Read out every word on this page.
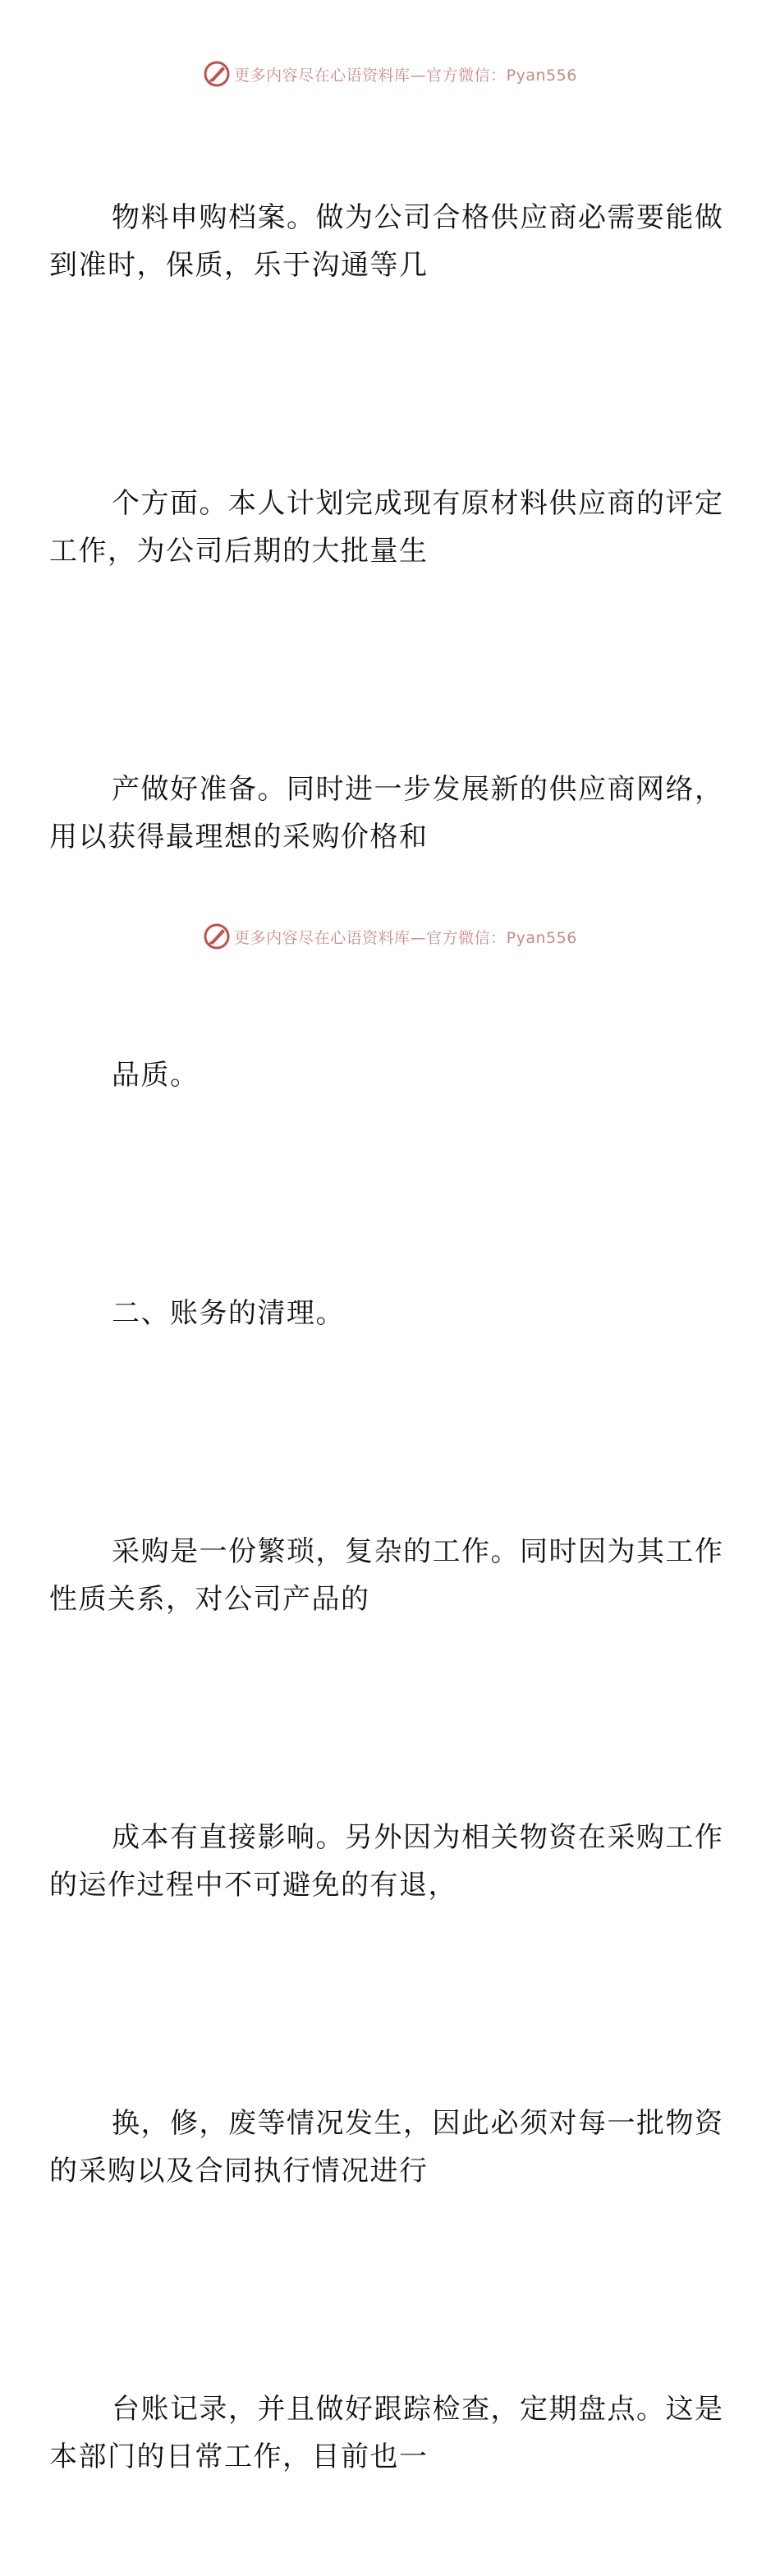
更多内容尽在心语资料库—官方微信：Pyan556

物料申购档案。做为公司合格供应商必需要能做
到准时，保质，乐于沟通等几

个方面。本人计划完成现有原材料供应商的评定
工作，为公司后期的大批量生

产做好准备。同时进一步发展新的供应商网络，
用以获得最理想的采购价格和

品质。

二、账务的清理。

采购是一份繁琐，复杂的工作。同时因为其工作
性质关系，对公司产品的

成本有直接影响。另外因为相关物资在采购工作
的运作过程中不可避免的有退，

换，修，废等情况发生，因此必须对每一批物资
的采购以及合同执行情况进行

台账记录，并且做好跟踪检查，定期盘点。这是
本部门的日常工作，目前也一

更多内容尽在心语资料库—官方微信：Pyan556
